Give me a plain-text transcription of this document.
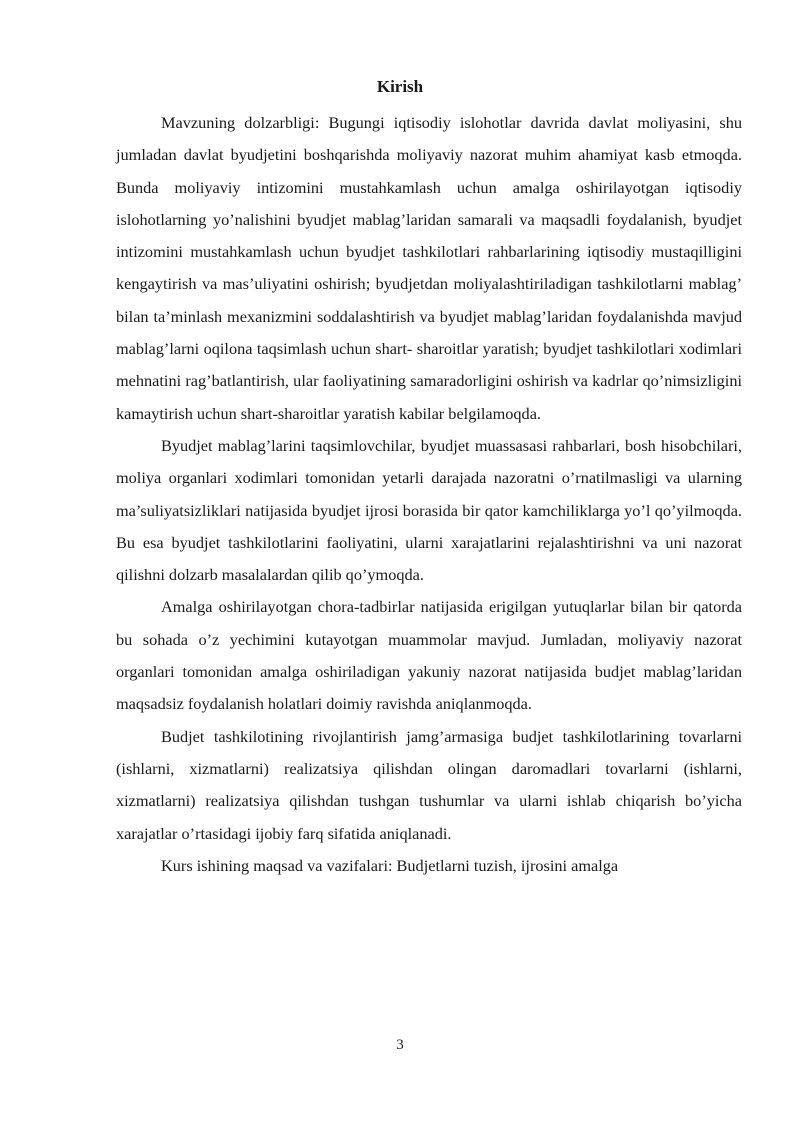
Kirish

Mavzuning dolzarbligi: Bugungi iqtisodiy islohotlar davrida davlat moliyasini, shu jumladan davlat byudjetini boshqarishda moliyaviy nazorat muhim ahamiyat kasb etmoqda. Bunda moliyaviy intizomini mustahkamlash uchun amalga oshirilayotgan iqtisodiy islohotlarning yo’nalishini byudjet mablag’laridan samarali va maqsadli foydalanish, byudjet intizomini mustahkamlash uchun byudjet tashkilotlari rahbarlarining iqtisodiy mustaqilligini kengaytirish va mas’uliyatini oshirish; byudjetdan moliyalashtiriladigan tashkilotlarni mablag’ bilan ta’minlash mexanizmini soddalashtirish va byudjet mablag’laridan foydalanishda mavjud mablag’larni oqilona taqsimlash uchun shart- sharoitlar yaratish; byudjet tashkilotlari xodimlari mehnatini rag’batlantirish, ular faoliyatining samaradorligini oshirish va kadrlar qo’nimsizligini kamaytirish uchun shart-sharoitlar yaratish kabilar belgilamoqda.

Byudjet mablag’larini taqsimlovchilar, byudjet muassasasi rahbarlari, bosh hisobchilari, moliya organlari xodimlari tomonidan yetarli darajada nazoratni o’rnatilmasligi va ularning ma’suliyatsizliklari natijasida byudjet ijrosi borasida bir qator kamchiliklarga yo’l qo’yilmoqda. Bu esa byudjet tashkilotlarini faoliyatini, ularni xarajatlarini rejalashtirishni va uni nazorat qilishni dolzarb masalalardan qilib qo’ymoqda.

Amalga oshirilayotgan chora-tadbirlar natijasida erigilgan yutuqlarlar bilan bir qatorda bu sohada o’z yechimini kutayotgan muammolar mavjud. Jumladan, moliyaviy nazorat organlari tomonidan amalga oshiriladigan yakuniy nazorat natijasida budjet mablag’laridan maqsadsiz foydalanish holatlari doimiy ravishda aniqlanmoqda.

Budjet tashkilotining rivojlantirish jamg’armasiga budjet tashkilotlarining tovarlarni (ishlarni, xizmatlarni) realizatsiya qilishdan olingan daromadlari tovarlarni (ishlarni, xizmatlarni) realizatsiya qilishdan tushgan tushumlar va ularni ishlab chiqarish bo’yicha xarajatlar o’rtasidagi ijobiy farq sifatida aniqlanadi.

Kurs ishining maqsad va vazifalari: Budjetlarni tuzish, ijrosini amalga

3
